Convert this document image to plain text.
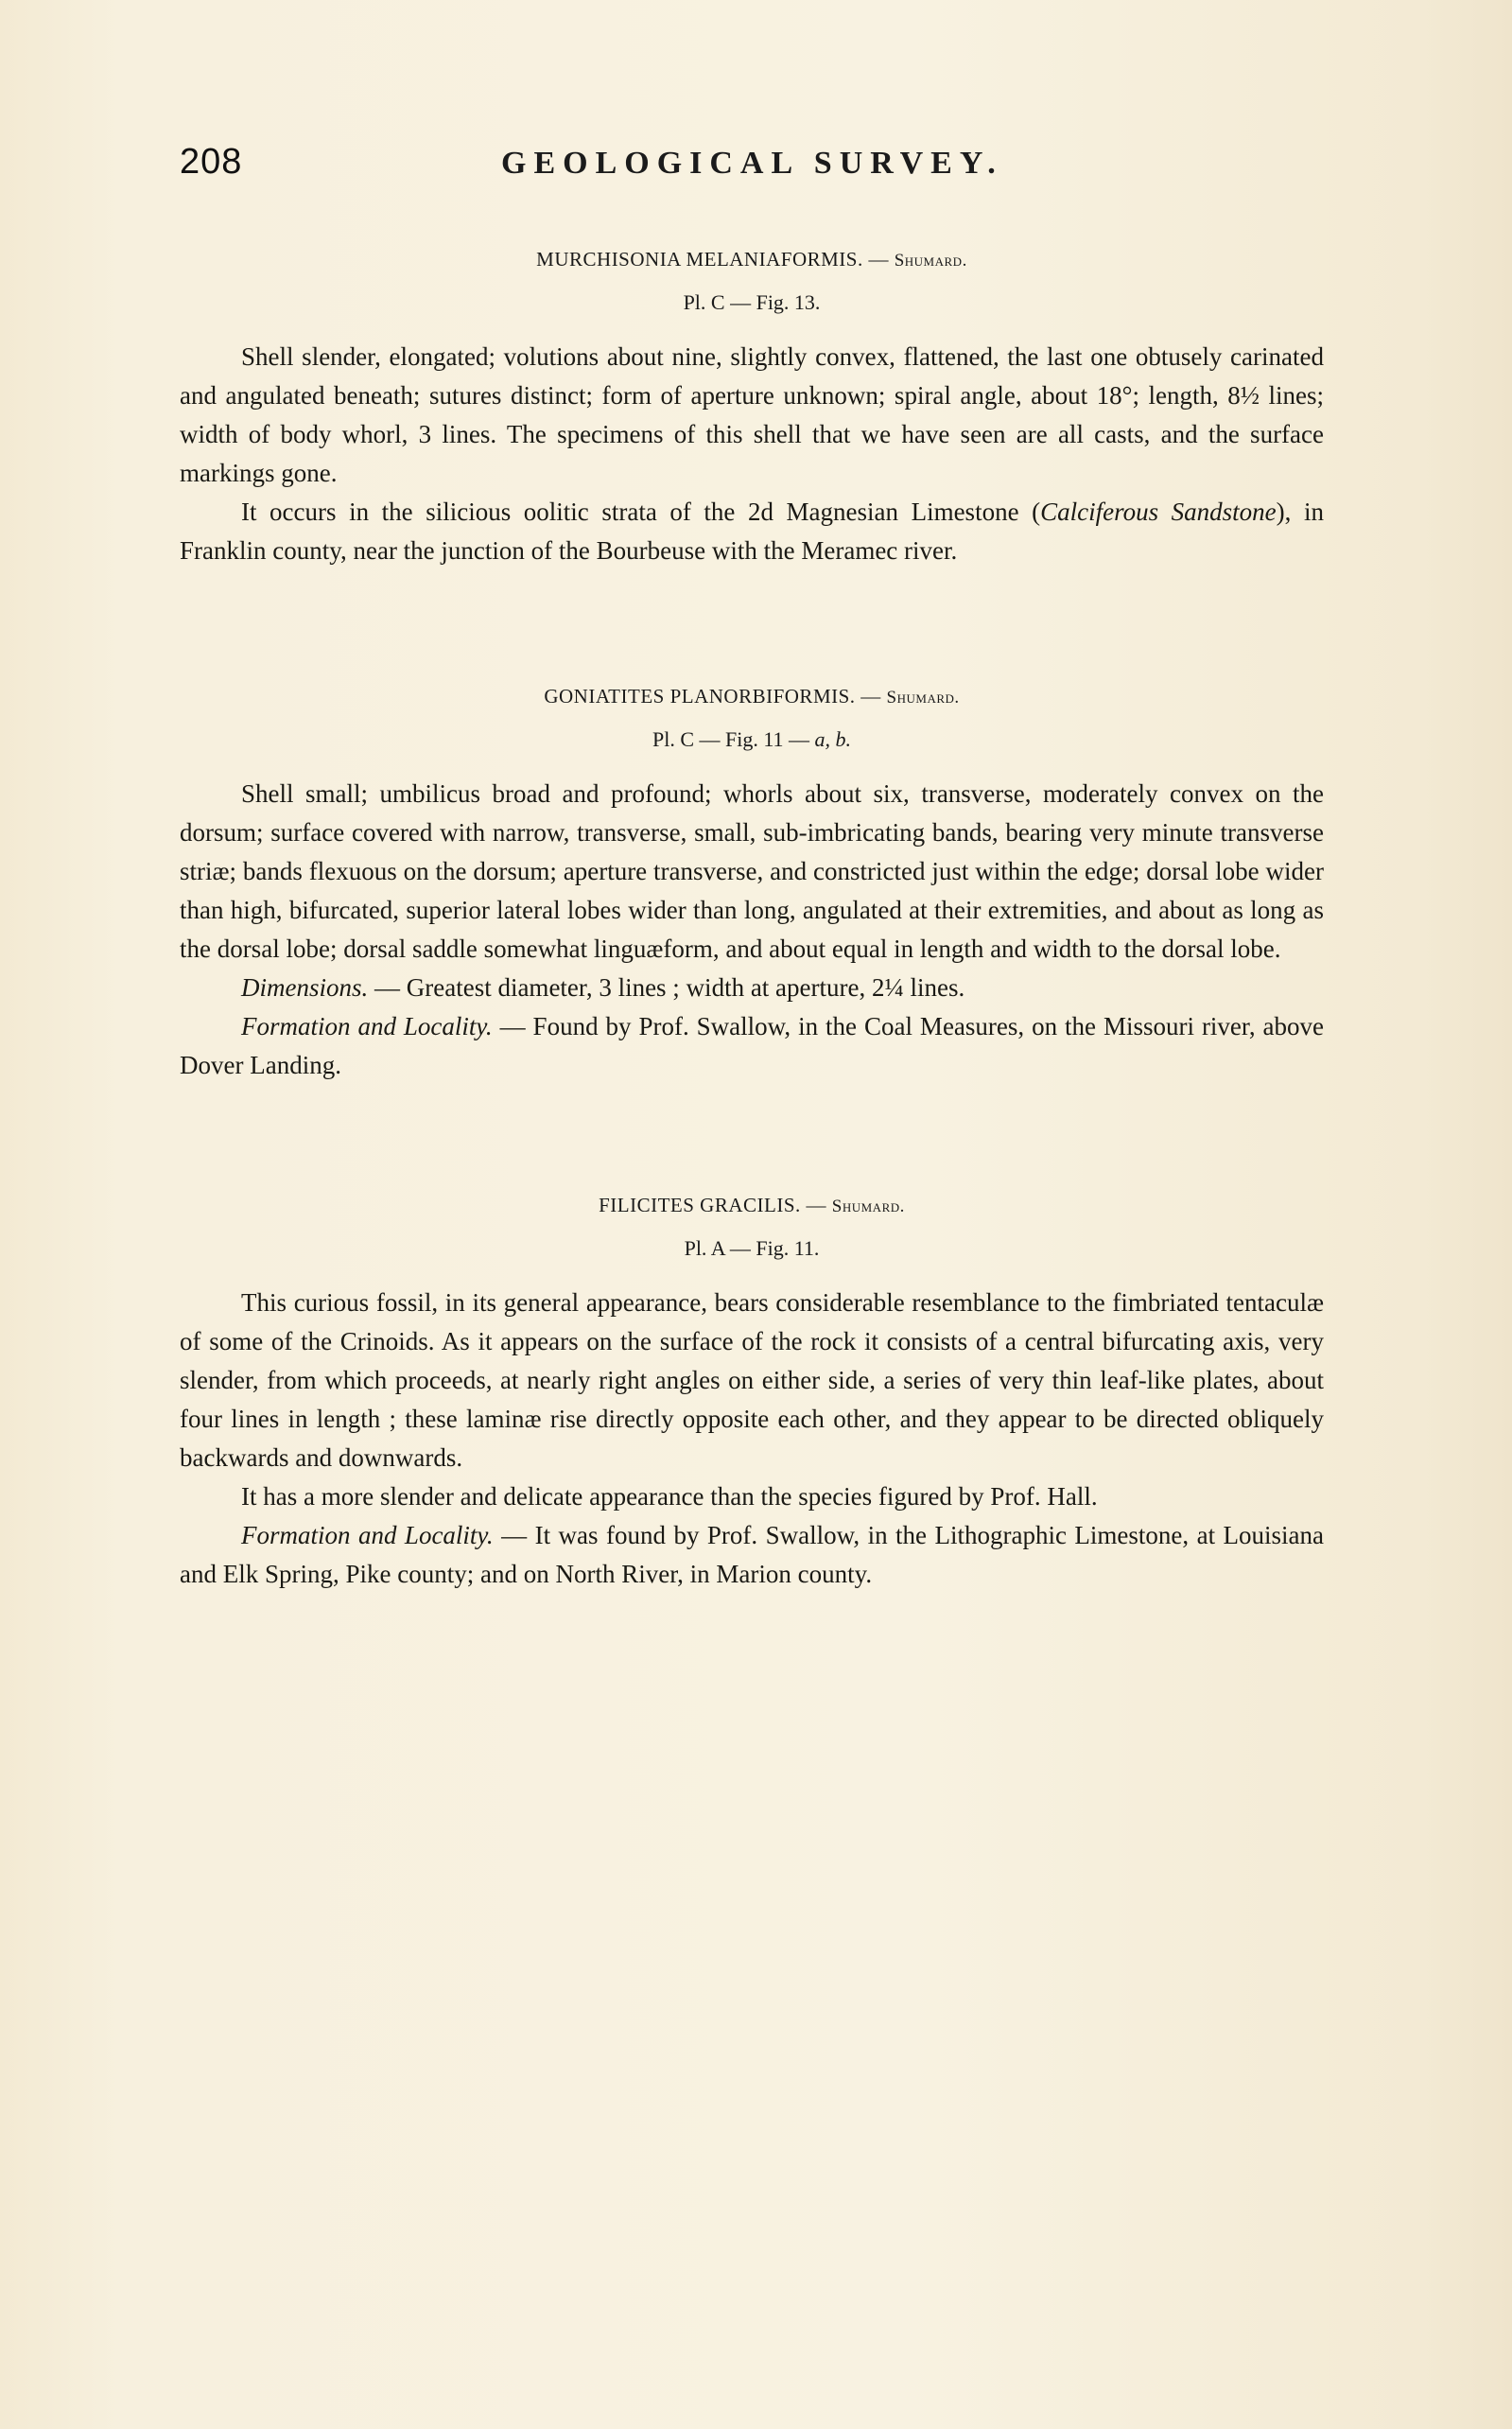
208	GEOLOGICAL SURVEY.

MURCHISONIA MELANIAFORMIS. — Shumard.

Pl. C — Fig. 13.

Shell slender, elongated; volutions about nine, slightly convex, flattened, the last one obtusely carinated and angulated beneath; sutures distinct; form of aperture unknown; spiral angle, about 18°; length, 8½ lines; width of body whorl, 3 lines. The specimens of this shell that we have seen are all casts, and the surface markings gone.

It occurs in the silicious oolitic strata of the 2d Magnesian Limestone (Calciferous Sandstone), in Franklin county, near the junction of the Bourbeuse with the Meramec river.

GONIATITES PLANORBIFORMIS. — Shumard.

Pl. C — Fig. 11 — a, b.

Shell small; umbilicus broad and profound; whorls about six, transverse, moderately convex on the dorsum; surface covered with narrow, transverse, small, sub-imbricating bands, bearing very minute transverse striæ; bands flexuous on the dorsum; aperture transverse, and constricted just within the edge; dorsal lobe wider than high, bifurcated, superior lateral lobes wider than long, angulated at their extremities, and about as long as the dorsal lobe; dorsal saddle somewhat linguæform, and about equal in length and width to the dorsal lobe.

Dimensions. — Greatest diameter, 3 lines ; width at aperture, 2¼ lines.

Formation and Locality. — Found by Prof. Swallow, in the Coal Measures, on the Missouri river, above Dover Landing.

FILICITES GRACILIS. — Shumard.

Pl. A — Fig. 11.

This curious fossil, in its general appearance, bears considerable resemblance to the fimbriated tentaculæ of some of the Crinoids. As it appears on the surface of the rock it consists of a central bifurcating axis, very slender, from which proceeds, at nearly right angles on either side, a series of very thin leaf-like plates, about four lines in length ; these laminæ rise directly opposite each other, and they appear to be directed obliquely backwards and downwards.

It has a more slender and delicate appearance than the species figured by Prof. Hall.

Formation and Locality. — It was found by Prof. Swallow, in the Lithographic Limestone, at Louisiana and Elk Spring, Pike county; and on North River, in Marion county.
